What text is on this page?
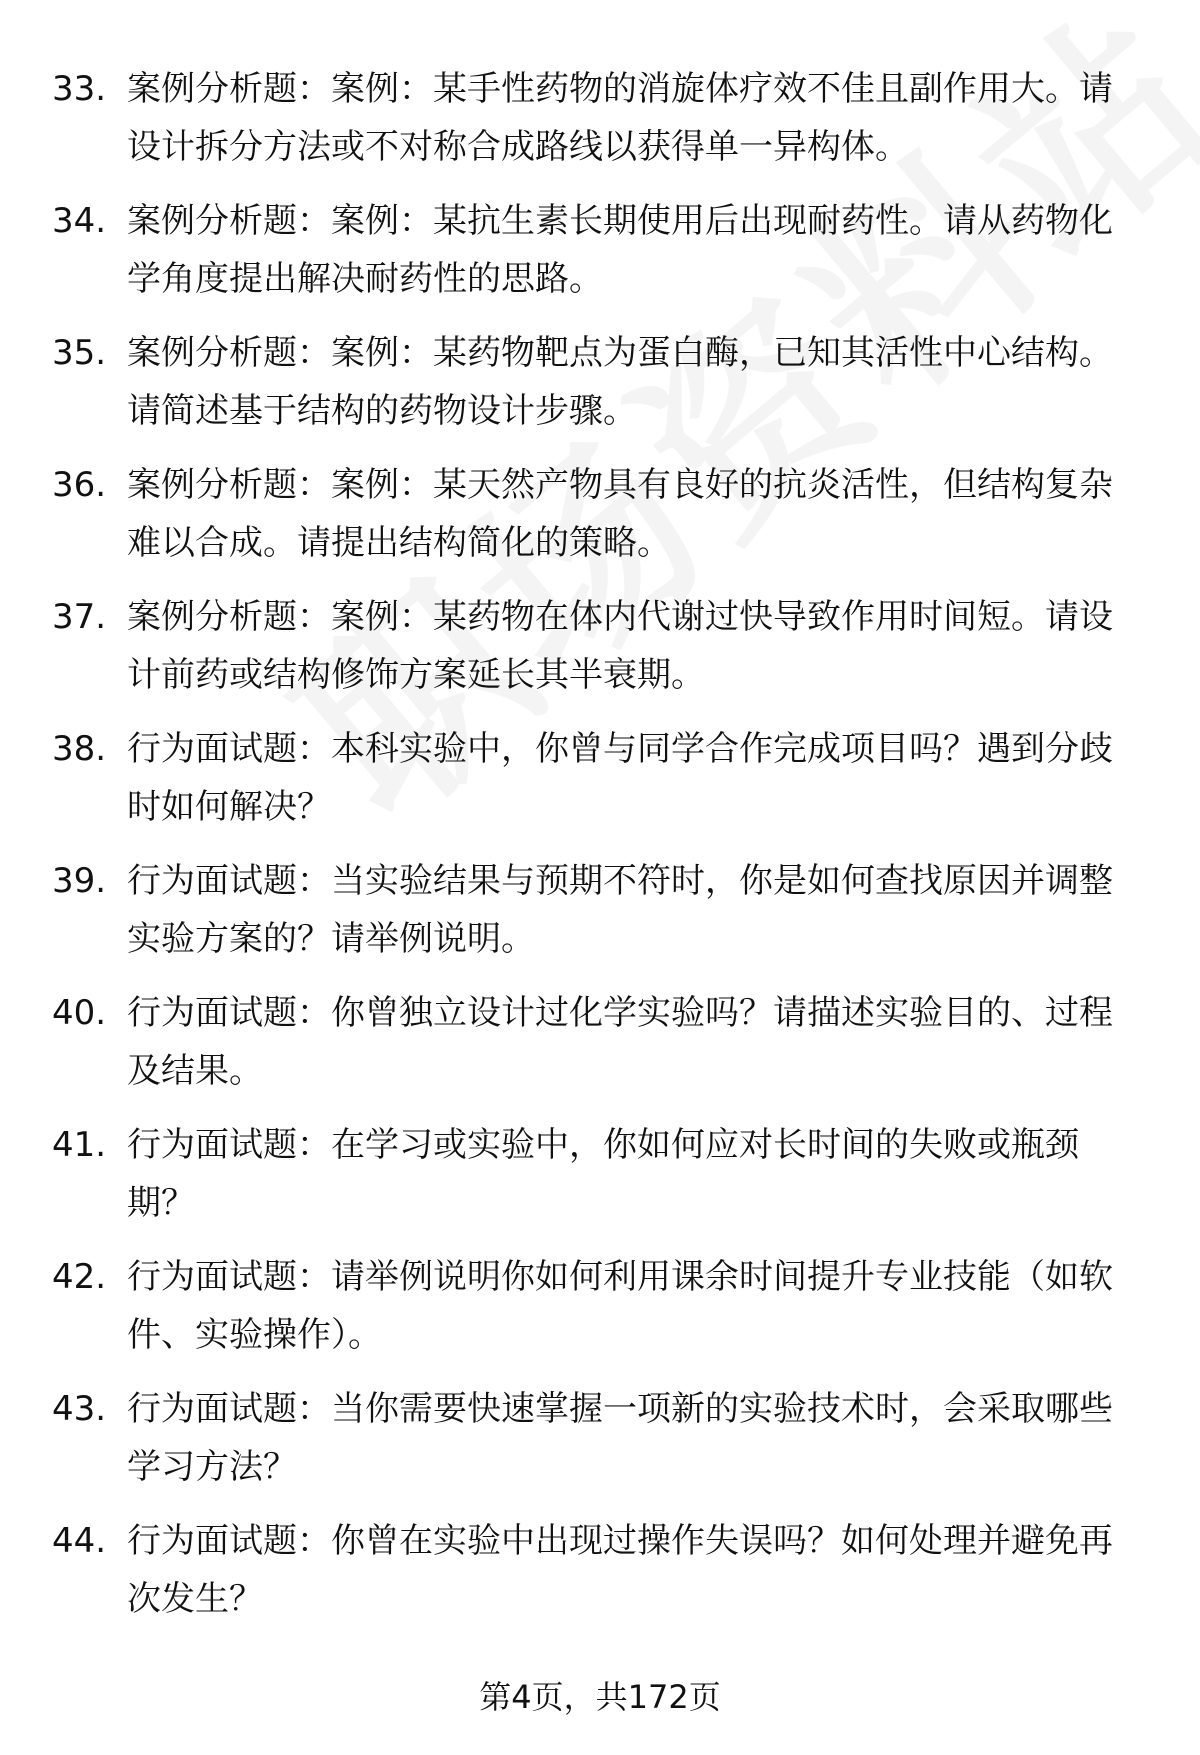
33. 案例分析题：案例：某手性药物的消旋体疗效不佳且副作用大。请设计拆分方法或不对称合成路线以获得单一异构体。
34. 案例分析题：案例：某抗生素长期使用后出现耐药性。请从药物化学角度提出解决耐药性的思路。
35. 案例分析题：案例：某药物靶点为蛋白酶，已知其活性中心结构。请简述基于结构的药物设计步骤。
36. 案例分析题：案例：某天然产物具有良好的抗炎活性，但结构复杂难以合成。请提出结构简化的策略。
37. 案例分析题：案例：某药物在体内代谢过快导致作用时间短。请设计前药或结构修饰方案延长其半衰期。
38. 行为面试题：本科实验中，你曾与同学合作完成项目吗？遇到分歧时如何解决？
39. 行为面试题：当实验结果与预期不符时，你是如何查找原因并调整实验方案的？请举例说明。
40. 行为面试题：你曾独立设计过化学实验吗？请描述实验目的、过程及结果。
41. 行为面试题：在学习或实验中，你如何应对长时间的失败或瓶颈期？
42. 行为面试题：请举例说明你如何利用课余时间提升专业技能（如软件、实验操作）。
43. 行为面试题：当你需要快速掌握一项新的实验技术时，会采取哪些学习方法？
44. 行为面试题：你曾在实验中出现过操作失误吗？如何处理并避免再次发生？
第4页，共172页
